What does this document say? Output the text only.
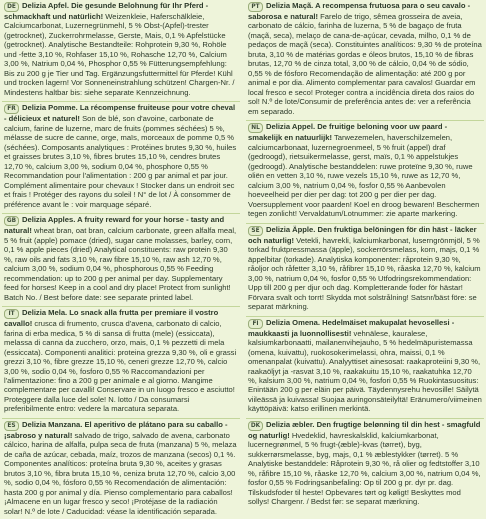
DE Delizia Apfel. Die gesunde Belohnung für Ihr Pferd - schmackhaft und natürlich! Weizenkleie, Haferschälkleie, Calciumcarbonat, Luzernegrünmehl, 5 % Obst-(Apfel)-trester (getrocknet), Zuckerrohrmelasse, Gerste, Mais, 0,1 % Apfelstücke (getrocknet). Analytische Bestandteile: Rohprotein 9,30 %, Rohöle und -fette 3,10 %, Rohfaser 15,10 %, Rohasche 12,70 %, Calcium 3,00 %, Natrium 0,04 %, Phosphor 0,55 % Fütterungsempfehlung: Bis zu 200 g je Tier und Tag. Ergänzungsfuttermittel für Pferde! Kühl und trocken lagern! Vor Sonneneinstrahlung schützen! Chargen-Nr. / Mindestens haltbar bis: siehe separate Kennzeichnung.

FR Delizia Pomme. La récompense fruiteuse pour votre cheval - délicieux et naturel! Son de blé, son d'avoine, carbonate de calcium, farine de luzerne, marc de fruits (pommes séchées) 5 %, mélasse de sucre de canne, orge, maïs, morceaux de pomme 0,5 % (séchées). Composants analytiques : Protéines brutes 9,30 %, huiles et graisses brutes 3,10 %, fibres brutes 15,10 %, cendres brutes 12,70 %, calcium 3,00 %, sodium 0,04 %, phosphore 0,55 % Recommandation pour l'alimentation : 200 g par animal et par jour. Complément alimentaire pour chevaux ! Stocker dans un endroit sec et frais ! Protéger des rayons du soleil ! N° de lot / À consommer de préférence avant le : voir marquage séparé.

GB Delizia Apples. A fruity reward for your horse - tasty and natural! wheat bran, oat bran, calcium carbonate, green alfalfa meal, 5 % fruit (apple) pomace (dried), sugar cane molasses, barley, corn, 0,1 % apple pieces (dried) Analytical constituents: raw protein 9,30 %, raw oils and fats 3,10 %, raw fibre 15,10 %, raw ash 12,70 %, calcium 3,00 %, sodium 0,04 %, phosphorous 0,55 % Feeding recommendation: up to 200 g per animal per day. Supplementary feed for horses! Keep in a cool and dry place! Protect from sunlight! Batch No. / Best before date: see separate printed label.

IT Delizia Mela. Lo snack alla frutta per premiare il vostro cavallo! crusca di frumento, crusca d'avena, carbonato di calcio, farina di erba medica, 5 % di sansa di frutta (mele) (essiccata), melassa di canna da zucchero, orzo, mais, 0,1 % pezzetti di mela (essiccata). Componenti analitici: proteina grezza 9,30 %, oli e grassi grezzi 3,10 %, fibre grezze 15,10 %, ceneri grezze 12,70 %, calcio 3,00 %, sodio 0,04 %, fosforo 0,55 % Raccomandazioni per l'alimentazione: fino a 200 g per animale e al giorno. Mangime complementare per cavalli! Conservare in un luogo fresco e asciutto! Proteggere dalla luce del sole! N. lotto / Da consumarsi preferibilmente entro: vedere la marcatura separata.

ES Delizia Manzana. El aperitivo de plátano para su caballo - ¡sabroso y natural! salvado de trigo, salvado de avena, carbonato cálcico, harina de alfalfa, pulpa seca de fruta (manzana) 5 %, melaza de caña de azúcar, cebada, maíz, trozos de manzana (secos) 0,1 %. Componentes analíticos: proteína bruta 9,30 %, aceites y grasas brutos 3,10 %, fibra bruta 15,10 %, ceniza bruta 12,70 %, calcio 3,00 %, sodio 0,04 %, fósforo 0,55 % Recomendación de alimentación: hasta 200 g por animal y día. Pienso complementario para caballos! ¡Almacene en un lugar fresco y seco! ¡Protéjase de la radiación solar! N.º de lote / Caducidad: véase la identificación separada.

PT Delizia Maçã. A recompensa frutuosa para o seu cavalo - saborosa e natural! Farelo de trigo, sêmea grosseira de aveia, carbonato de cálcio, farinha de luzerna, 5 % de bagaço de fruta (maçã, seca), melaço de cana-de-açúcar, cevada, milho, 0,1 % de pedaços de maçã (seca). Constituintes analíticos: 9,30 % de proteína bruta, 3,10 % de matérias gordas e óleos brutos, 15,10 % de fibras brutas, 12,70 % de cinza total, 3,00 % de cálcio, 0,04 % de sódio, 0,55 % de fósforo Recomendação de alimentação: até 200 g por animal e por dia. Alimento complementar para cavalos! Guardar em local fresco e seco! Proteger contra a incidência direta dos raios do sol! N.º de lote/Consumir de preferência antes de: ver a referência em separado.

NL Delizia Appel. De fruitige beloning voor uw paard - smakelijk en natuurlijk! Tarwezemelen, haverschilzemelen, calciumcarbonaat, luzernegroenmeel, 5 % fruit (appel) draf (gedroogd), rietsuikermelasse, gerst, maïs, 0,1 % appelstukjes (gedroogd). Analytische bestanddelen: ruwe proteïne 9,30 %, ruwe oliën en vetten 3,10 %, ruwe vezels 15,10 %, ruwe as 12,70 %, calcium 3,00 %, natrium 0,04 %, fosfor 0,55 % Aanbevolen hoeveelheid per dier per dag: tot 200 g per dier per dag. Voersupplement voor paarden! Koel en droog bewaren! Beschermen tegen zonlicht! Vervaldatum/Lotnummer: zie aparte markering.

SE Delizia Äpple. Den fruktiga belöningen för din häst - läcker och naturlig! Vetekli, havrekli, kalciumkarbonat, luserngrönmjöl, 5 % torkad fruktpressmassa (äpple), sockerrörsmelass, korn, majs, 0,1 % äppelbitar (torkade). Analytiska komponenter: råprotein 9,30 %, råoljor och råfetter 3,10 %, råfibrer 15,10 %, råaska 12,70 %, kalcium 3,00 %, natrium 0,04 %, fosfor 0,55 % Utfodringsrekommendation: Upp till 200 g per djur och dag. Kompletterande foder för hästar! Förvara svalt och torrt! Skydda mot solstrålning! Satsnr/bäst före: se separat märkning.

FI Delizia Omena. Hedelmäiset makupalat hevosellesi - maukkaasti ja luonnollisesti! vehnälese, kauralese, kalsiumkarbonaatti, mailanenvihejauho, 5 % hedelmäpuristemassa (omena, kuivattu), ruokosokerimelassi, ohra, maissi, 0,1 % omenanpalat (kuivattu). Analyyttiset ainesosat: raakaproteiini 9,30 %, raakaöljyt ja -rasvat 3,10 %, raakakuitu 15,10 %, raakatuhka 12,70 %, kalsium 3,00 %, natrium 0,04 %, fosfori 0,55 % Ruokintasuositus: Enintään 200 g per eläin per päivä. Täydennysrehu hevosille! Säilytä viileässä ja kuivassa! Suojaa auringonsäteilyltä! Eränumero/viimeinen käyttöpäivä: katso erillinen merkintä.

DK Delizia æbler. Den frugtige belønning til din hest - smagfuld og naturlig! Hvedeklid, havreskalsklid, kalciumkarbonat, lucernegrønmel, 5 % frugt-(æble)-kvas (tørret), byg, sukkerrørsmelasse, byg, majs, 0,1 % æblestykker (tørret). 5 % Analytiske bestanddele: Råprotein 9,30 %, rå olier og fedtstoffer 3,10 %, råfibre 15,10 %, råaske 12,70 %, calcium 3,00 %, natrium 0,04 %, fosfor 0,55 % Fodringsanbefaling: Op til 200 g pr. dyr pr. dag. Tilskudsfoder til heste! Opbevares tørt og køligt! Beskyttes mod sollys! Chargenr. / Bedst før: se separat mærkning.
